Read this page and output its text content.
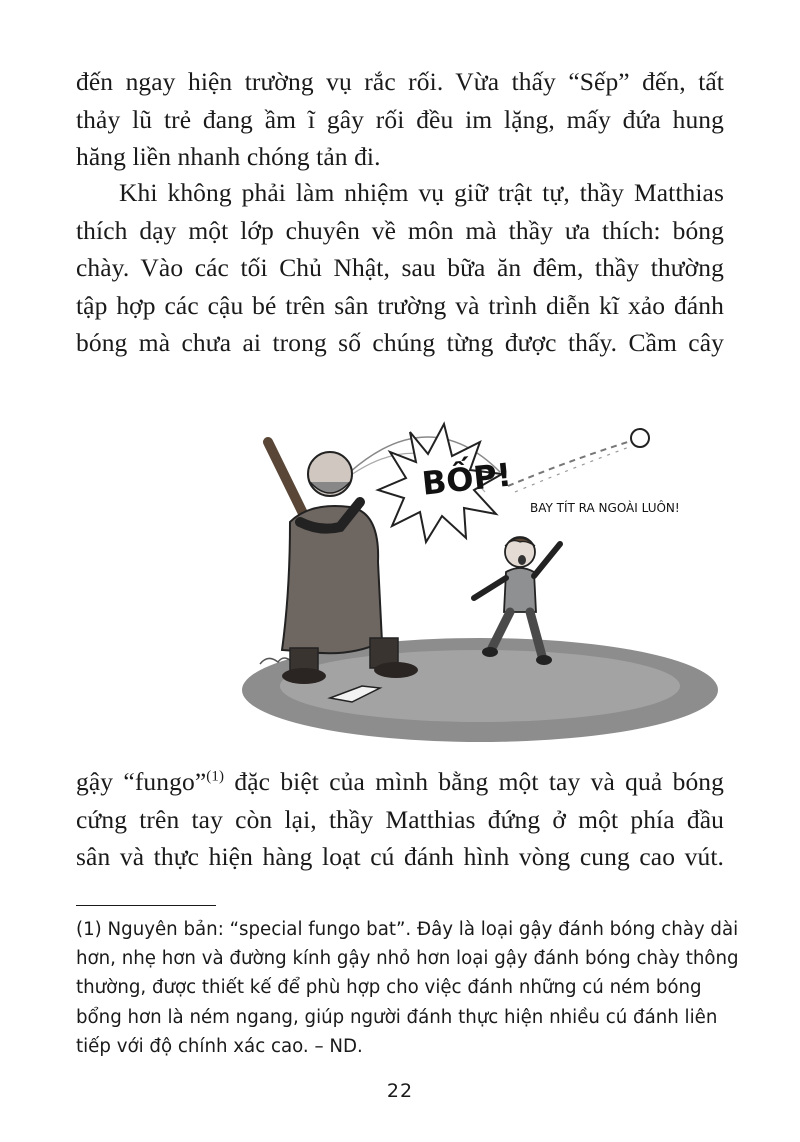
đến ngay hiện trường vụ rắc rối. Vừa thấy “Sếp” đến, tất
thảy lũ trẻ đang ầm ĩ gây rối đều im lặng, mấy đứa hung
hăng liền nhanh chóng tản đi.

Khi không phải làm nhiệm vụ giữ trật tự, thầy Matthias
thích dạy một lớp chuyên về môn mà thầy ưa thích: bóng
chày. Vào các tối Chủ Nhật, sau bữa ăn đêm, thầy thường
tập hợp các cậu bé trên sân trường và trình diễn kĩ xảo đánh
bóng mà chưa ai trong số chúng từng được thấy. Cầm cây

BỐP!
BAY TÍT RA NGOÀI LUÔN!

gậy “fungo”$^{(1)}$ đặc biệt của mình bằng một tay và quả bóng
cứng trên tay còn lại, thầy Matthias đứng ở một phía đầu
sân và thực hiện hàng loạt cú đánh hình vòng cung cao vút.

(1) Nguyên bản: “special fungo bat”. Đây là loại gậy đánh bóng chày dài
hơn, nhẹ hơn và đường kính gậy nhỏ hơn loại gậy đánh bóng chày thông
thường, được thiết kế để phù hợp cho việc đánh những cú ném bóng
bổng hơn là ném ngang, giúp người đánh thực hiện nhiều cú đánh liên
tiếp với độ chính xác cao. – ND.

22
